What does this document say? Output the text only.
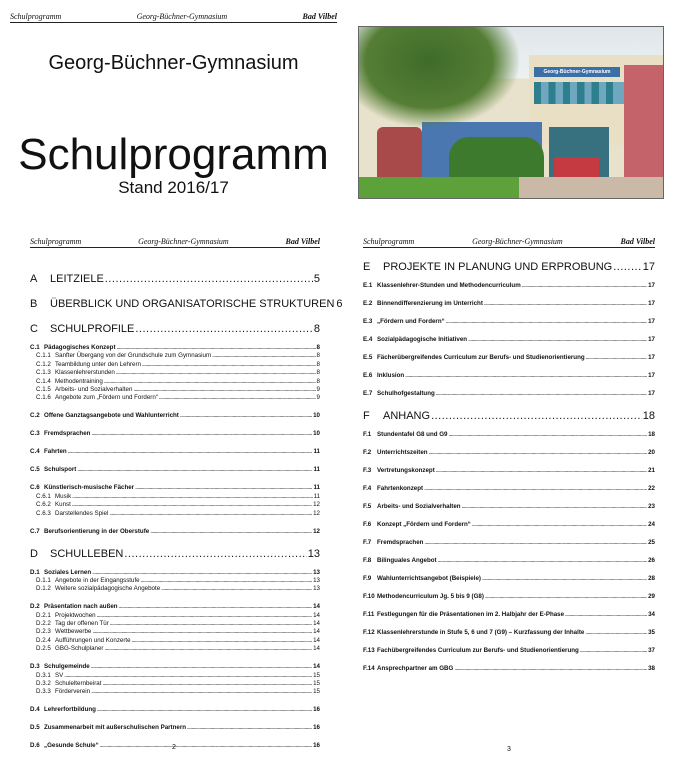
Schulprogramm	Georg-Büchner-Gymnasium	Bad Vilbel
Georg-Büchner-Gymnasium
Schulprogramm
Stand 2016/17
Georg-Büchner-Gymnasium
Schulprogramm	Georg-Büchner-Gymnasium	Bad Vilbel
A	LEITZIELE .....	5
B	ÜBERBLICK UND ORGANISATORISCHE STRUKTUREN 6
C	SCHULPROFILE .....	8
C.1 Pädagogisches Konzept .....	8
C.1.1 Sanfter Übergang von der Grundschule zum Gymnasium .....	8
C.1.2 Teambildung unter den Lehrern .....	8
C.1.3 Klassenlehrerstunden .....	8
C.1.4 Methodentraining .....	8
C.1.5 Arbeits- und Sozialverhalten .....	9
C.1.6 Angebote zum „Fördern und Fordern“ .....	9
C.2 Offene Ganztagsangebote und Wahlunterricht .....	10
C.3 Fremdsprachen .....	10
C.4 Fahrten .....	11
C.5 Schulsport .....	11
C.6 Künstlerisch-musische Fächer .....	11
C.6.1 Musik .....	11
C.6.2 Kunst .....	12
C.6.3 Darstellendes Spiel .....	12
C.7 Berufsorientierung in der Oberstufe .....	12
D	SCHULLEBEN .....	13
D.1 Soziales Lernen .....	13
D.1.1 Angebote in der Eingangsstufe .....	13
D.1.2 Weitere sozialpädagogische Angebote .....	13
D.2 Präsentation nach außen .....	14
D.2.1 Projektwochen .....	14
D.2.2 Tag der offenen Tür .....	14
D.2.3 Wettbewerbe .....	14
D.2.4 Aufführungen und Konzerte .....	14
D.2.5 GBG-Schulplaner .....	14
D.3 Schulgemeinde .....	14
D.3.1 SV .....	15
D.3.2 Schulelternbeirat .....	15
D.3.3 Förderverein .....	15
D.4 Lehrerfortbildung .....	16
D.5 Zusammenarbeit mit außerschulischen Partnern .....	16
D.6 „Gesunde Schule“ .....	16
2
Schulprogramm	Georg-Büchner-Gymnasium	Bad Vilbel
E	PROJEKTE IN PLANUNG UND ERPROBUNG .....	17
E.1 Klassenlehrer-Stunden und Methodencurriculum .....	17
E.2 Binnendifferenzierung im Unterricht .....	17
E.3 „Fördern und Fordern“ .....	17
E.4 Sozialpädagogische Initiativen .....	17
E.5 Fächerübergreifendes Curriculum zur Berufs- und Studienorientierung .....	17
E.6 Inklusion .....	17
E.7 Schulhofgestaltung .....	17
F	ANHANG .....	18
F.1 Stundentafel G8 und G9 .....	18
F.2 Unterrichtszeiten .....	20
F.3 Vertretungskonzept .....	21
F.4 Fahrtenkonzept .....	22
F.5 Arbeits- und Sozialverhalten .....	23
F.6 Konzept „Fördern und Fordern“ .....	24
F.7 Fremdsprachen .....	25
F.8 Bilinguales Angebot .....	26
F.9 Wahlunterrichtsangebot (Beispiele) .....	28
F.10 Methodencurriculum Jg. 5 bis 9 (G8) .....	29
F.11 Festlegungen für die Präsentationen im 2. Halbjahr der E-Phase .....	34
F.12 Klassenlehrerstunde in Stufe 5, 6 und 7 (G9) – Kurzfassung der Inhalte .....	35
F.13 Fachübergreifendes Curriculum zur Berufs- und Studienorientierung .....	37
F.14 Ansprechpartner am GBG .....	38
3
